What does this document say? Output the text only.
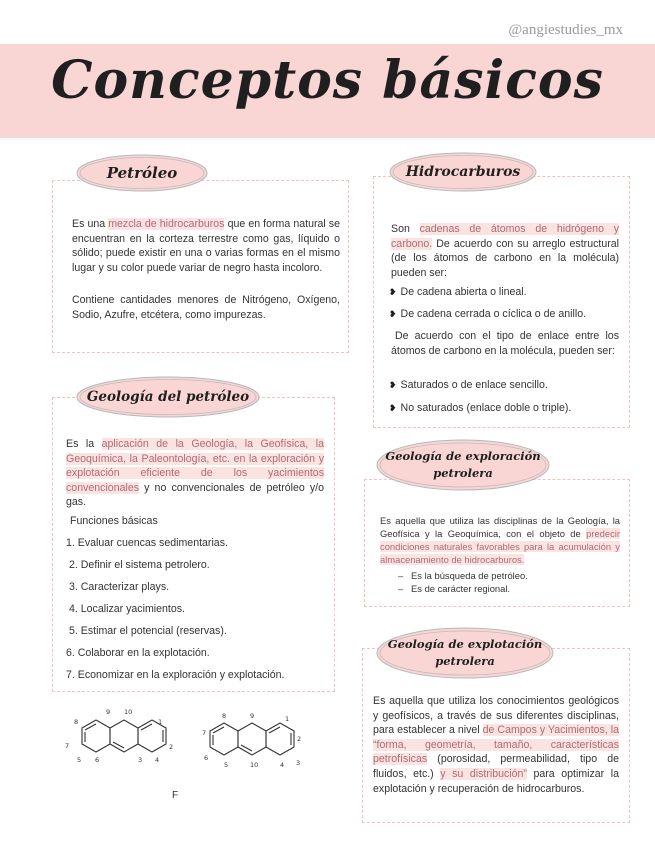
@angiestudies_mx
Conceptos básicos
Petróleo
Es una mezcla de hidrocarburos que en forma natural se encuentran en la corteza terrestre como gas, líquido o sólido; puede existir en una o varias formas en el mismo lugar y su color puede variar de negro hasta incoloro.
Contiene cantidades menores de Nitrógeno, Oxígeno, Sodio, Azufre, etcétera, como impurezas.
Hidrocarburos
Son cadenas de átomos de hidrógeno y carbono. De acuerdo con su arreglo estructural (de los átomos de carbono en la molécula) pueden ser:
❥ De cadena abierta o lineal.
❥ De cadena cerrada o cíclica o de anillo.
De acuerdo con el tipo de enlace entre los átomos de carbono en la molécula, pueden ser:
❥ Saturados o de enlace sencillo.
❥ No saturados (enlace doble o triple).
Geología del petróleo
Es la aplicación de la Geología, la Geofísica, la Geoquímica, la Paleontología, etc. en la exploración y explotación eficiente de los yacimientos convencionales y no convencionales de petróleo y/o gas.
Funciones básicas
1. Evaluar cuencas sedimentarias.
2. Definir el sistema petrolero.
3. Caracterizar plays.
4. Localizar yacimientos.
5. Estimar el potencial (reservas).
6. Colaborar en la explotación.
7. Economizar en la exploración y explotación.
Geología de exploración
petrolera
Es aquella que utiliza las disciplinas de la Geología, la Geofísica y la Geoquímica, con el objeto de predecir condiciones naturales favorables para la acumulación y almacenamiento de hidrocarburos.
–   Es la búsqueda de petróleo.
–   Es de carácter regional.
Geología de explotación
petrolera
Es aquella que utiliza los conocimientos geológicos y geofísicos, a través de sus diferentes disciplinas, para establecer a nivel de Campos y Yacimientos, la “forma, geometría, tamaño, características petrofísicas (porosidad, permeabilidad, tipo de fluidos, etc.) y su distribución” para optimizar la explotación y recuperación de hidrocarburos.
9 10
1
2
3 4
5 6
7
8
8	9	1
2
3
4
10
5
6
7
F
